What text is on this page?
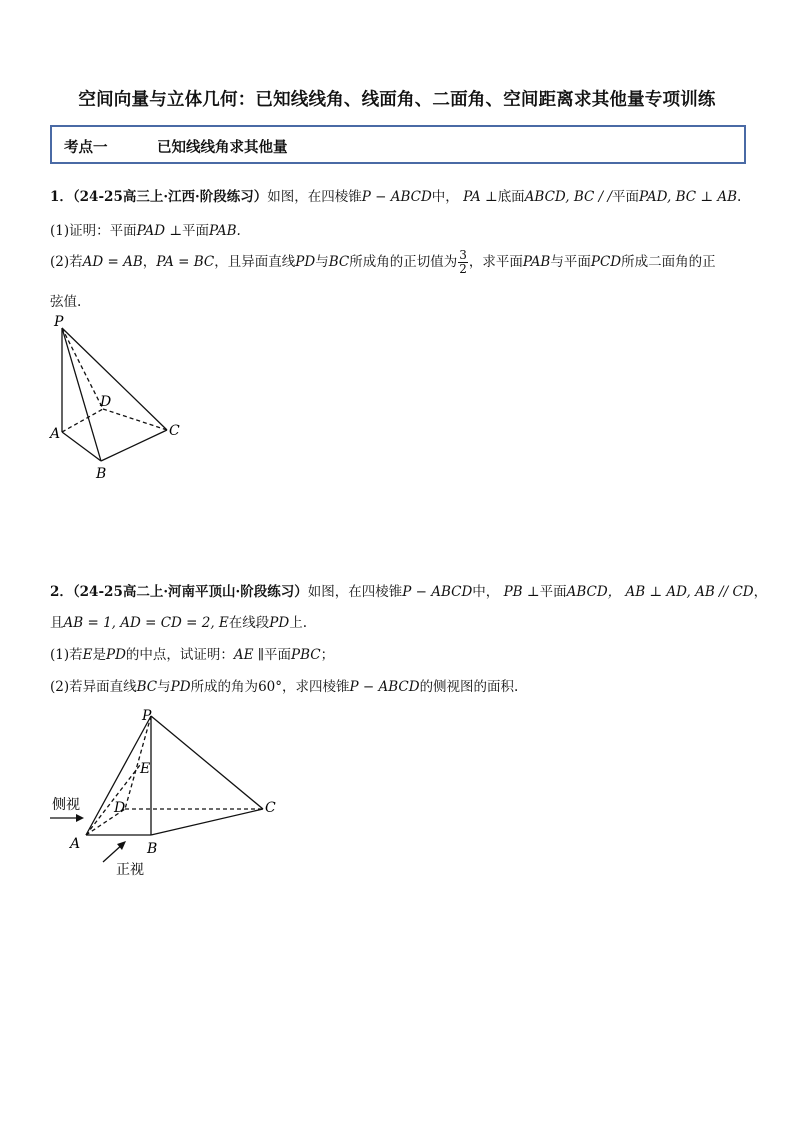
空间向量与立体几何：已知线线角、线面角、二面角、空间距离求其他量专项训练
考点一	已知线线角求其他量
1．（24-25高三上·江西·阶段练习）如图，在四棱锥P − ABCD中， PA ⊥底面ABCD, BC / /平面PAD, BC ⊥ AB.
(1)证明：平面PAD ⊥平面PAB.
(2)若AD = AB，PA = BC，且异面直线PD与BC所成角的正切值为 $\frac{3}{2}$ ，求平面PAB与平面PCD所成二面角的正
弦值.
P
D
A	C
B
P
E
D	C
A	B
侧视
正视
2．（24-25高二上·河南平顶山·阶段练习）如图，在四棱锥P − ABCD中， PB ⊥平面ABCD， AB ⊥ AD, AB // CD，
且AB = 1, AD = CD = 2, E在线段PD上.
(1)若E是PD的中点，试证明：AE ∥平面PBC；
(2)若异面直线BC与PD所成的角为60°，求四棱锥P − ABCD的侧视图的面积.
